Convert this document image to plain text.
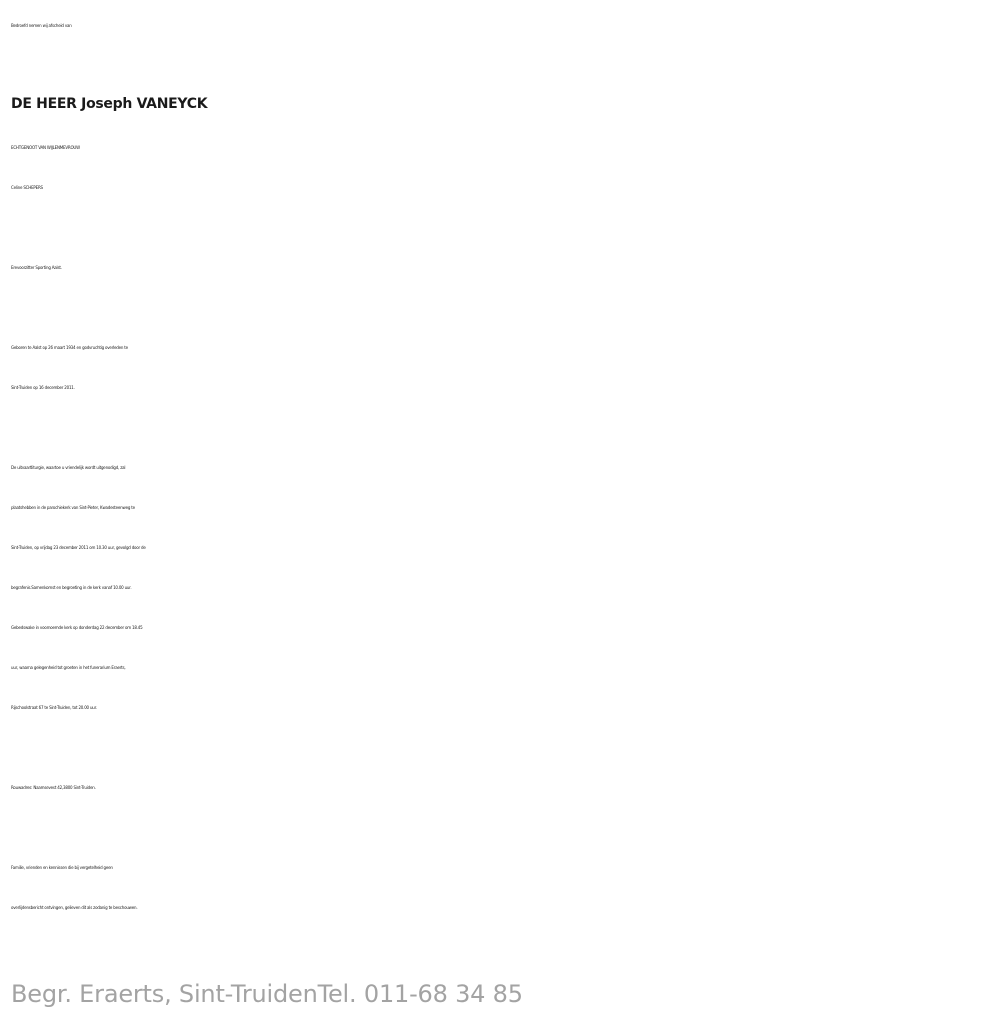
Bedroefd nemen wij afscheid van
DE HEER Joseph VANEYCK
ECHTGENOOT VAN WIJLENMEVROUW
Celine SCHEPERS
Erevoorzitter Sporting Aalst.
Geboren te Aalst op 26 maart 1934 en godvruchtig overleden te
Sint-Truiden op 16 december 2011.
De uitvaartliturgie, waartoe u vriendelijk wordt uitgenodigd, zal
plaatshebben in de parochiekerk van Sint-Pieter, Kwadesteenweg te
Sint-Truiden, op vrijdag 23 december 2011 om 10.30 uur, gevolgd door de
begrafenis.Samenkomst en begroeting in de kerk vanaf 10.00 uur.
Gebedswake in voornoemde kerk op donderdag 22 december om 18.45
uur, waarna gelegenheid tot groeten in het funerarium Eraerts,
Rijschoolstraat 67 te Sint-Truiden, tot 20.00 uur.
Rouwadres: Naamsevest 42,3800 Sint-Truiden.
Familie, vrienden en kennissen die bij vergetelheid geen
overlijdensbericht ontvingen, gelieven dit als zodanig te beschouwen.
Begr. Eraerts, Sint-TruidenTel. 011-68 34 85
